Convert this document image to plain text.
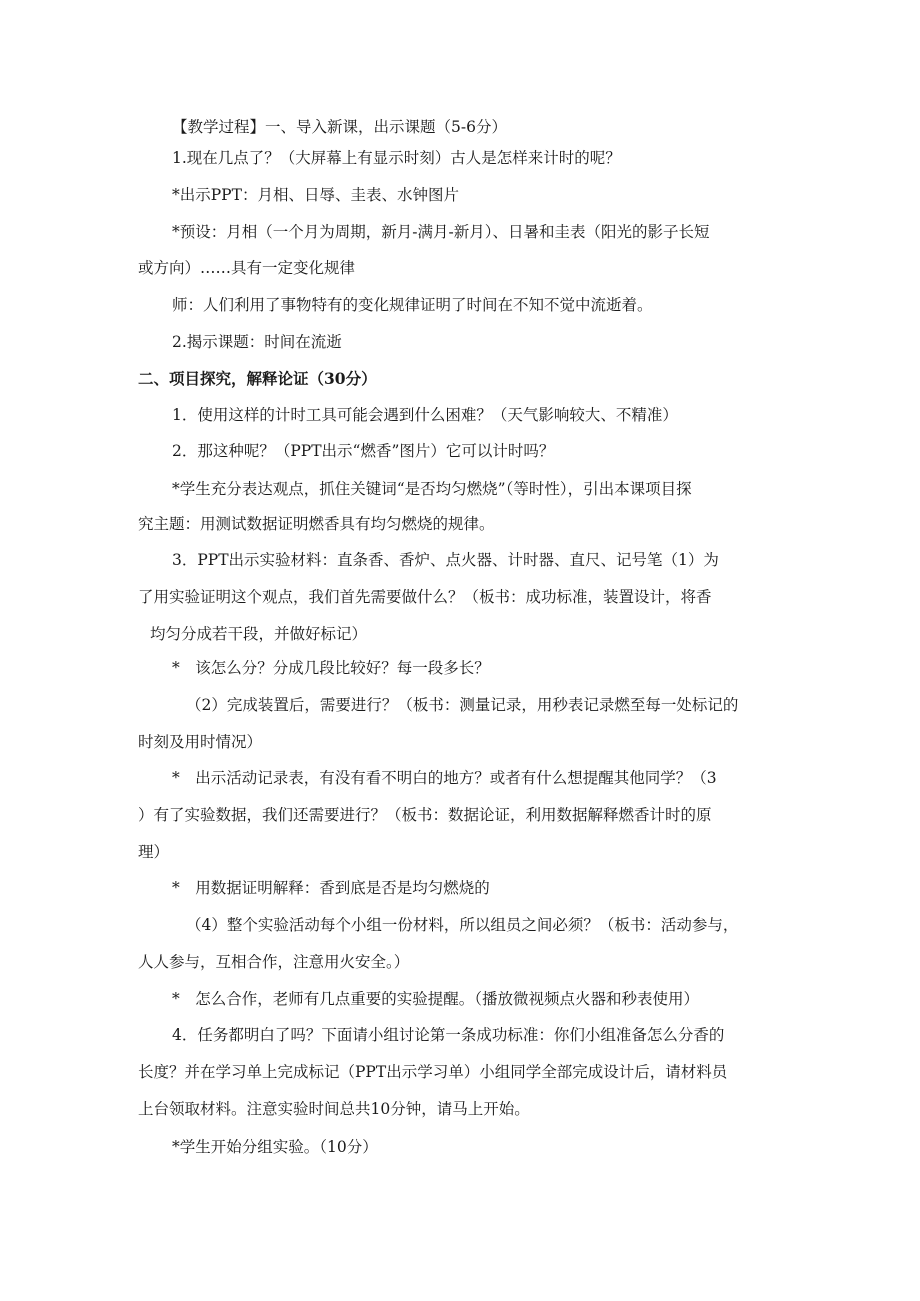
【教学过程】一、导入新课，出示课题（5-6分）

1.现在几点了？（大屏幕上有显示时刻）古人是怎样来计时的呢？

*出示PPT：月相、日辱、圭表、水钟图片

*预设：月相（一个月为周期，新月-满月-新月）、日暑和圭表（阳光的影子长短

或方向）……具有一定变化规律

师：人们利用了事物特有的变化规律证明了时间在不知不觉中流逝着。

2.揭示课题：时间在流逝

二、项目探究，解释论证（30分）

1．使用这样的计时工具可能会遇到什么困难？（天气影响较大、不精准）

2．那这种呢？（PPT出示“燃香”图片）它可以计时吗？

*学生充分表达观点，抓住关键词“是否均匀燃烧”（等时性），引出本课项目探

究主题：用测试数据证明燃香具有均匀燃烧的规律。

3．PPT出示实验材料：直条香、香炉、点火器、计时器、直尺、记号笔（1）为

了用实验证明这个观点，我们首先需要做什么？（板书：成功标准，装置设计，将香

均匀分成若干段，并做好标记）

*　该怎么分？分成几段比较好？每一段多长？

（2）完成装置后，需要进行？（板书：测量记录，用秒表记录燃至每一处标记的

时刻及用时情况）

*　出示活动记录表，有没有看不明白的地方？或者有什么想提醒其他同学？（3

）有了实验数据，我们还需要进行？（板书：数据论证，利用数据解释燃香计时的原

理）

*　用数据证明解释：香到底是否是均匀燃烧的

（4）整个实验活动每个小组一份材料，所以组员之间必须？（板书：活动参与，

人人参与，互相合作，注意用火安全。）

*　怎么合作，老师有几点重要的实验提醒。（播放微视频点火器和秒表使用）

4．任务都明白了吗？下面请小组讨论第一条成功标准：你们小组准备怎么分香的

长度？并在学习单上完成标记（PPT出示学习单）小组同学全部完成设计后，请材料员

上台领取材料。注意实验时间总共10分钟，请马上开始。

*学生开始分组实验。（10分）
